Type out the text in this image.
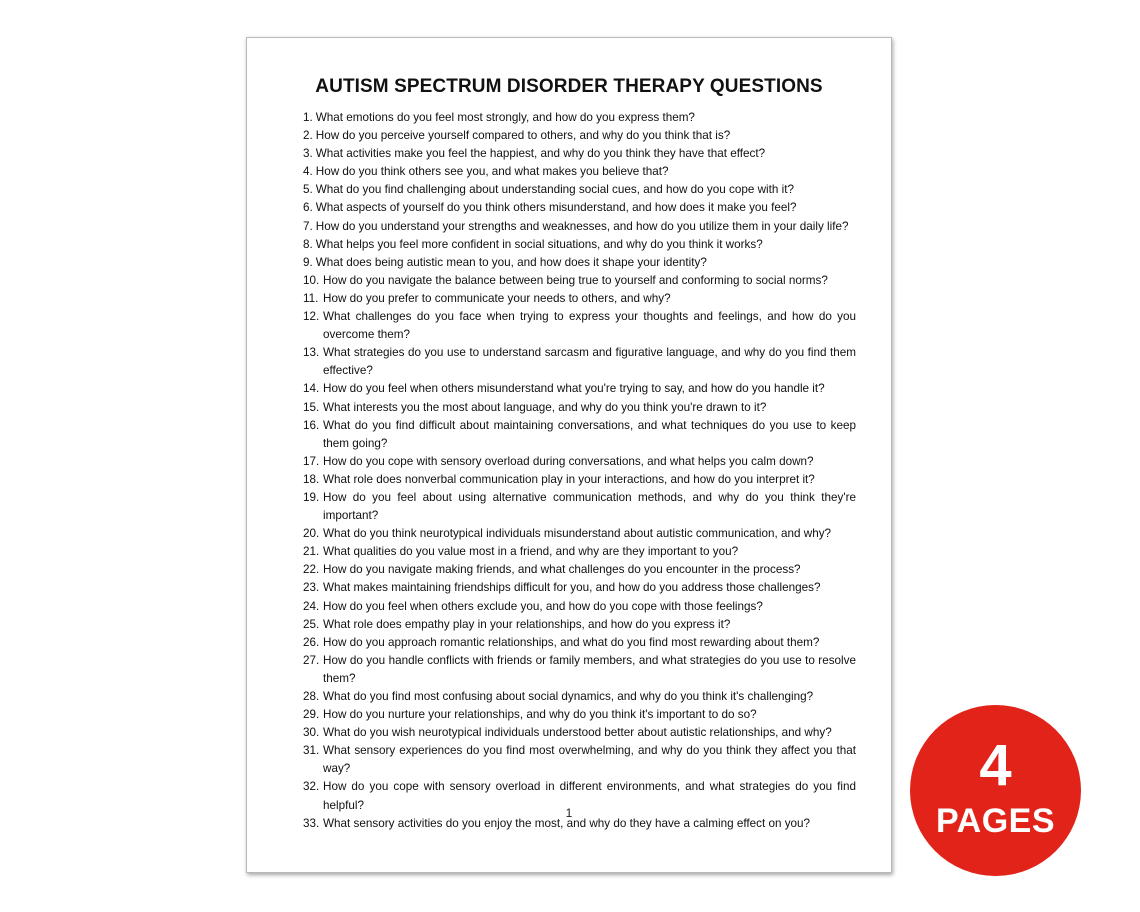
AUTISM SPECTRUM DISORDER THERAPY QUESTIONS
1. What emotions do you feel most strongly, and how do you express them?
2. How do you perceive yourself compared to others, and why do you think that is?
3. What activities make you feel the happiest, and why do you think they have that effect?
4. How do you think others see you, and what makes you believe that?
5. What do you find challenging about understanding social cues, and how do you cope with it?
6. What aspects of yourself do you think others misunderstand, and how does it make you feel?
7. How do you understand your strengths and weaknesses, and how do you utilize them in your daily life?
8. What helps you feel more confident in social situations, and why do you think it works?
9. What does being autistic mean to you, and how does it shape your identity?
10. How do you navigate the balance between being true to yourself and conforming to social norms?
11. How do you prefer to communicate your needs to others, and why?
12. What challenges do you face when trying to express your thoughts and feelings, and how do you overcome them?
13. What strategies do you use to understand sarcasm and figurative language, and why do you find them effective?
14. How do you feel when others misunderstand what you're trying to say, and how do you handle it?
15. What interests you the most about language, and why do you think you're drawn to it?
16. What do you find difficult about maintaining conversations, and what techniques do you use to keep them going?
17. How do you cope with sensory overload during conversations, and what helps you calm down?
18. What role does nonverbal communication play in your interactions, and how do you interpret it?
19. How do you feel about using alternative communication methods, and why do you think they're important?
20. What do you think neurotypical individuals misunderstand about autistic communication, and why?
21. What qualities do you value most in a friend, and why are they important to you?
22. How do you navigate making friends, and what challenges do you encounter in the process?
23. What makes maintaining friendships difficult for you, and how do you address those challenges?
24. How do you feel when others exclude you, and how do you cope with those feelings?
25. What role does empathy play in your relationships, and how do you express it?
26. How do you approach romantic relationships, and what do you find most rewarding about them?
27. How do you handle conflicts with friends or family members, and what strategies do you use to resolve them?
28. What do you find most confusing about social dynamics, and why do you think it's challenging?
29. How do you nurture your relationships, and why do you think it's important to do so?
30. What do you wish neurotypical individuals understood better about autistic relationships, and why?
31. What sensory experiences do you find most overwhelming, and why do you think they affect you that way?
32. How do you cope with sensory overload in different environments, and what strategies do you find helpful?
33. What sensory activities do you enjoy the most, and why do they have a calming effect on you?
1
4
PAGES
